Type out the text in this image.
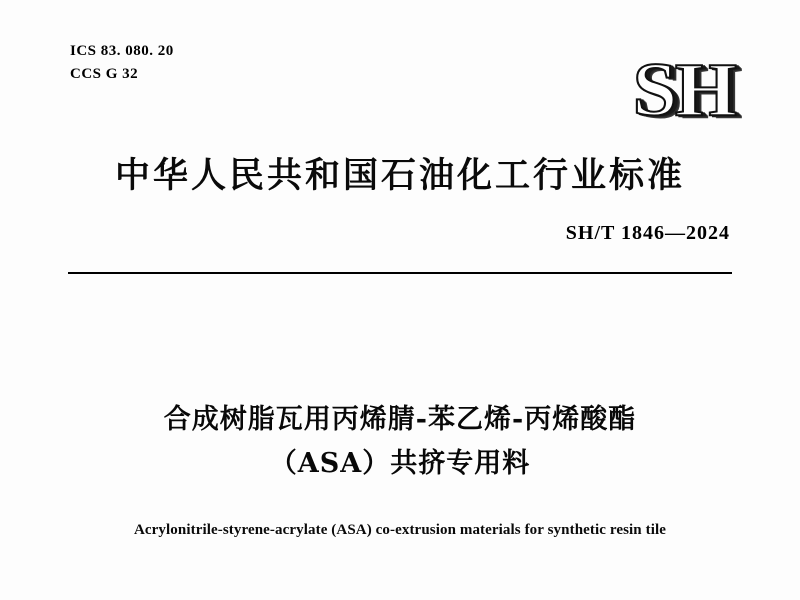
ICS 83. 080. 20
CCS G 32	SH
中华人民共和国石油化工行业标准
SH/T 1846—2024
合成树脂瓦用丙烯腈-苯乙烯-丙烯酸酯
（ASA）共挤专用料
Acrylonitrile-styrene-acrylate (ASA) co-extrusion materials for synthetic resin tile
